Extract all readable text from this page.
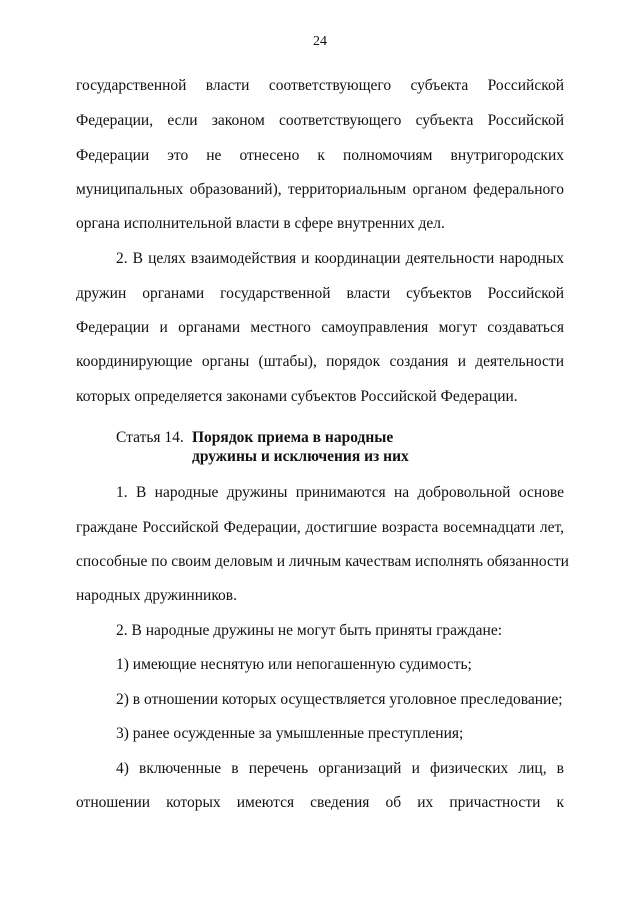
24
государственной власти соответствующего субъекта Российской
Федерации, если законом соответствующего субъекта Российской
Федерации это не отнесено к полномочиям внутригородских
муниципальных образований), территориальным органом федерального
органа исполнительной власти в сфере внутренних дел.
2. В целях взаимодействия и координации деятельности народных
дружин органами государственной власти субъектов Российской
Федерации и органами местного самоуправления могут создаваться
координирующие органы (штабы), порядок создания и деятельности
которых определяется законами субъектов Российской Федерации.
Статья 14. Порядок приема в народные
дружины и исключения из них
1. В народные дружины принимаются на добровольной основе
граждане Российской Федерации, достигшие возраста восемнадцати лет,
способные по своим деловым и личным качествам исполнять обязанности
народных дружинников.
2. В народные дружины не могут быть приняты граждане:
1) имеющие неснятую или непогашенную судимость;
2) в отношении которых осуществляется уголовное преследование;
3) ранее осужденные за умышленные преступления;
4) включенные в перечень организаций и физических лиц, в
отношении которых имеются сведения об их причастности к
